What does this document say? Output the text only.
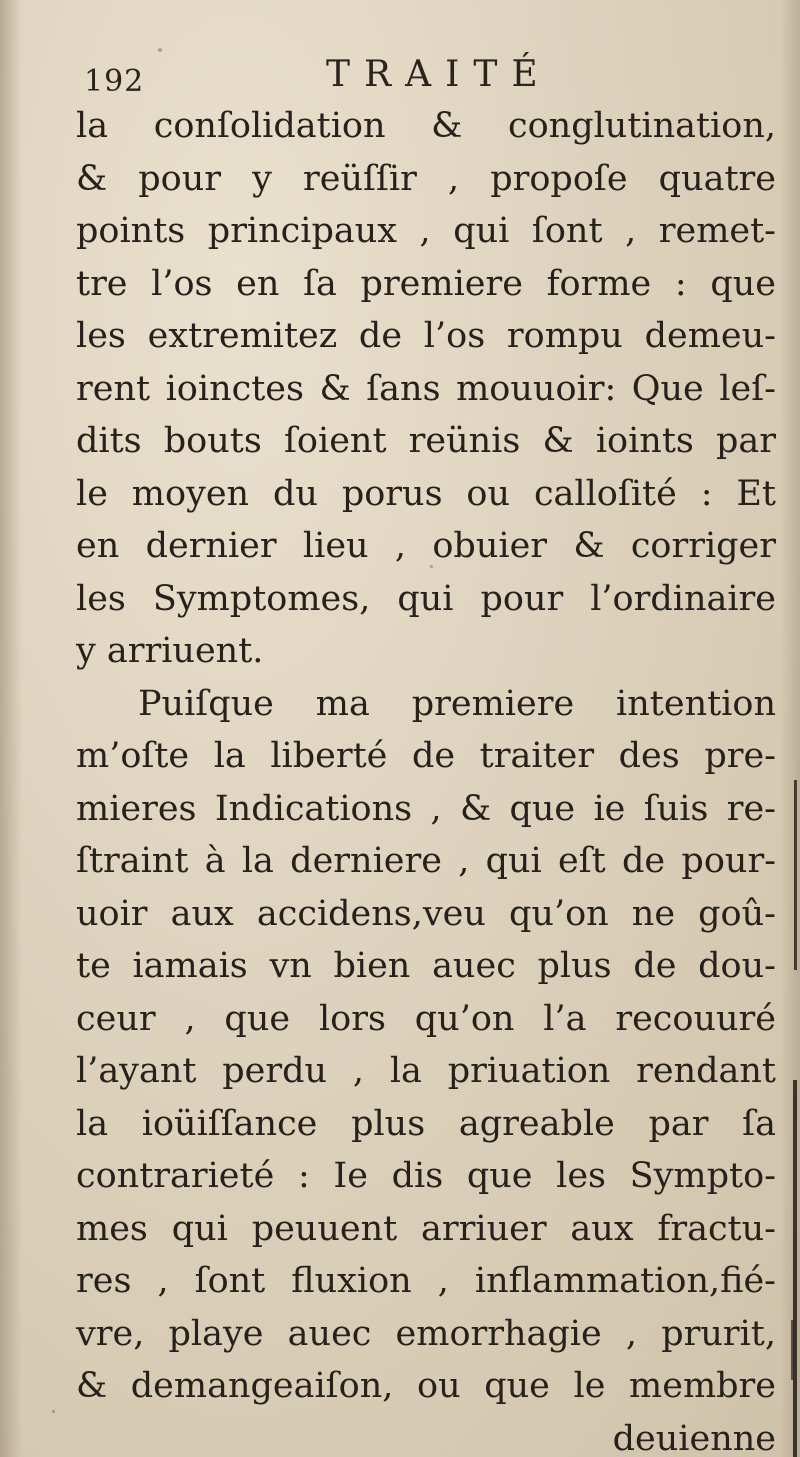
192	TRAITÉ
la conſolidation & conglutination,
& pour y reüſſir , propoſe quatre
points principaux , qui ſont , remet-
tre l’os en ſa premiere forme : que
les extremitez de l’os rompu demeu-
rent ioinctes & ſans mouuoir: Que leſ-
dits bouts ſoient reünis & ioints par
le moyen du porus ou calloſité : Et
en dernier lieu , obuier & corriger
les Symptomes, qui pour l’ordinaire
y arriuent.
Puiſque ma premiere intention
m’oſte la liberté de traiter des pre-
mieres Indications , & que ie ſuis re-
ſtraint à la derniere , qui eſt de pour-
uoir aux accidens,veu qu’on ne goû-
te iamais vn bien auec plus de dou-
ceur , que lors qu’on l’a recouuré
l’ayant perdu , la priuation rendant
la ioüiſſance plus agreable par ſa
contrarieté : Ie dis que les Sympto-
mes qui peuuent arriuer aux fractu-
res , ſont fluxion , inflammation,fié-
vre, playe auec emorrhagie , prurit,
& demangeaiſon, ou que le membre
deuienne
